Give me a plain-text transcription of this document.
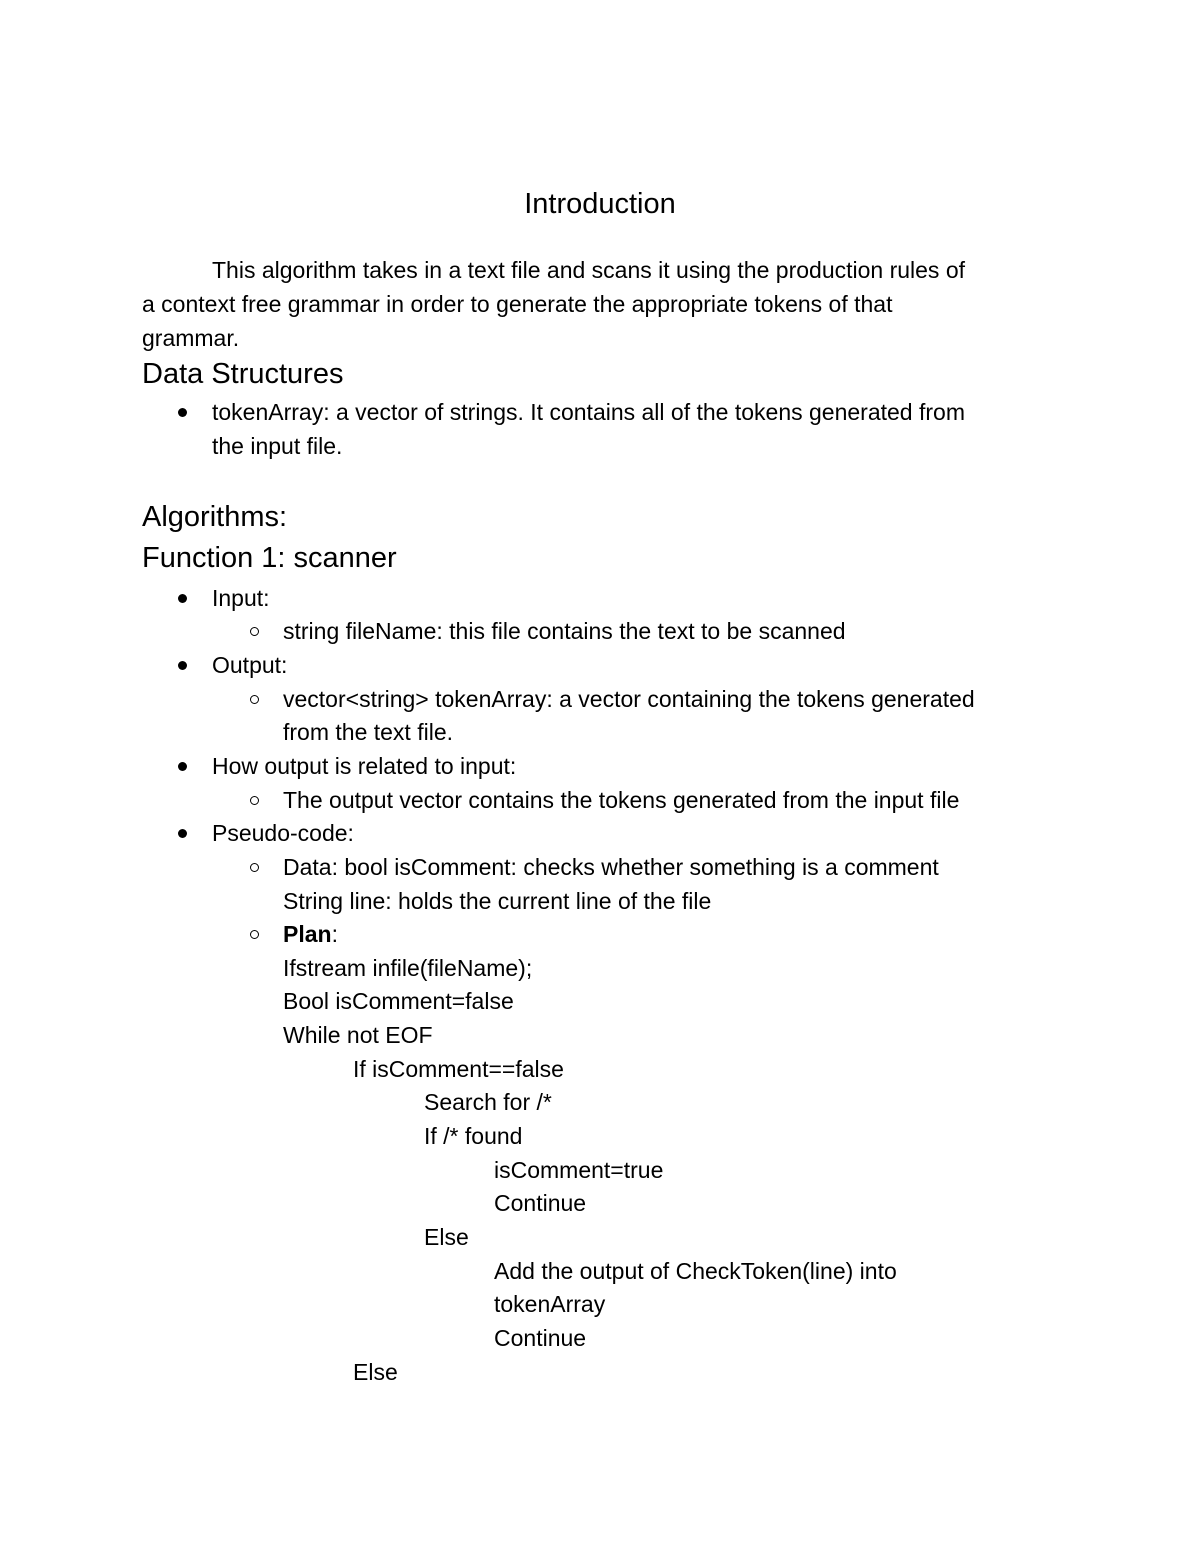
Introduction

This algorithm takes in a text file and scans it using the production rules of

a context free grammar in order to generate the appropriate tokens of that

grammar.

Data Structures

tokenArray: a vector of strings. It contains all of the tokens generated from

the input file.

Algorithms:

Function 1: scanner

Input:

string fileName: this file contains the text to be scanned

Output:

vector<string> tokenArray: a vector containing the tokens generated

from the text file.

How output is related to input:

The output vector contains the tokens generated from the input file

Pseudo-code:

Data: bool isComment: checks whether something is a comment

String line: holds the current line of the file

Plan:

Ifstream infile(fileName);

Bool isComment=false

While not EOF

If isComment==false

Search for /*

If /* found

isComment=true

Continue

Else

Add the output of CheckToken(line) into

tokenArray

Continue

Else
